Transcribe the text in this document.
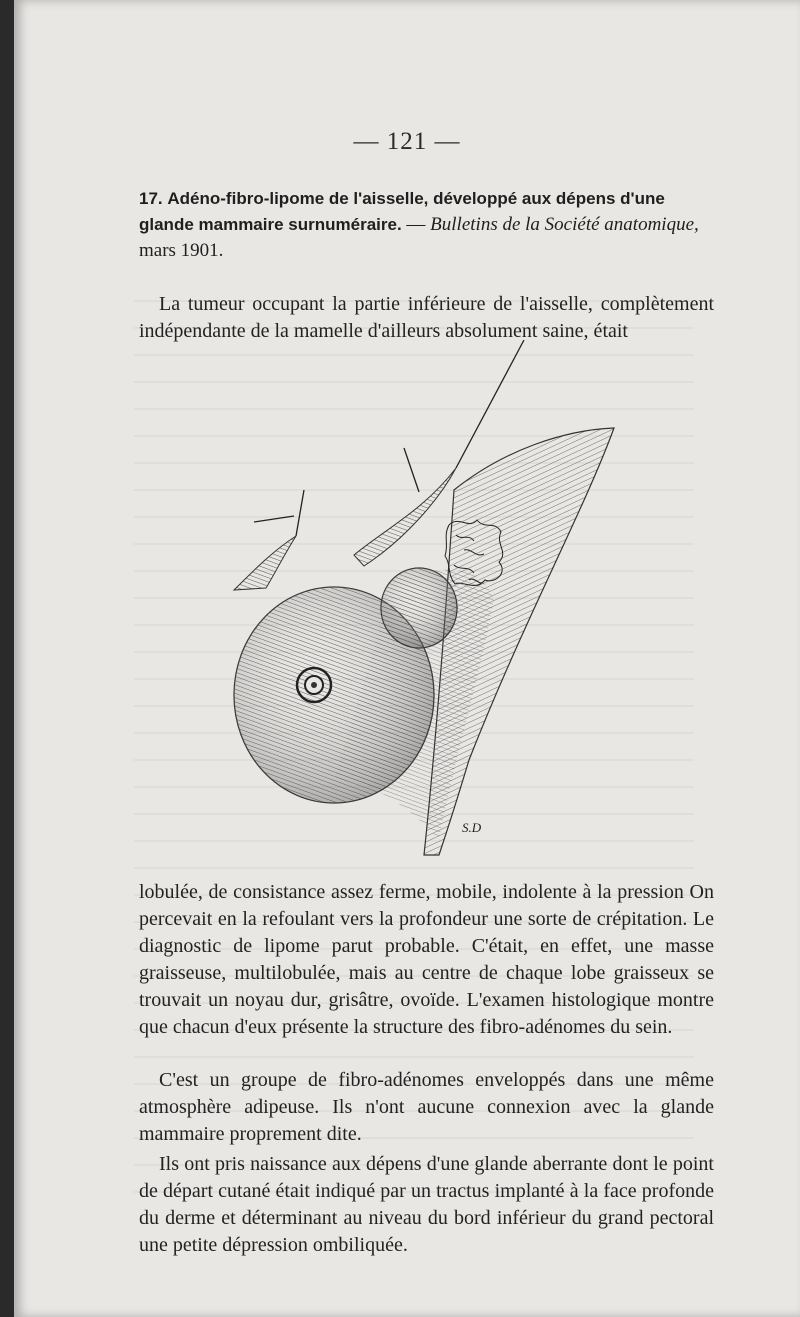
— 121 —
17. Adéno-fibro-lipome de l'aisselle, développé aux dépens d'une glande mammaire surnuméraire. — Bulletins de la Société anatomique, mars 1901.

La tumeur occupant la partie inférieure de l'aisselle, complètement indépendante de la mamelle d'ailleurs absolument saine, était

S.D

lobulée, de consistance assez ferme, mobile, indolente à la pression On percevait en la refoulant vers la profondeur une sorte de crépitation. Le diagnostic de lipome parut probable. C'était, en effet, une masse graisseuse, multilobulée, mais au centre de chaque lobe graisseux se trouvait un noyau dur, grisâtre, ovoïde. L'examen histologique montre que chacun d'eux présente la structure des fibro-adénomes du sein.

C'est un groupe de fibro-adénomes enveloppés dans une même atmosphère adipeuse. Ils n'ont aucune connexion avec la glande mammaire proprement dite.

Ils ont pris naissance aux dépens d'une glande aberrante dont le point de départ cutané était indiqué par un tractus implanté à la face profonde du derme et déterminant au niveau du bord inférieur du grand pectoral une petite dépression ombiliquée.
